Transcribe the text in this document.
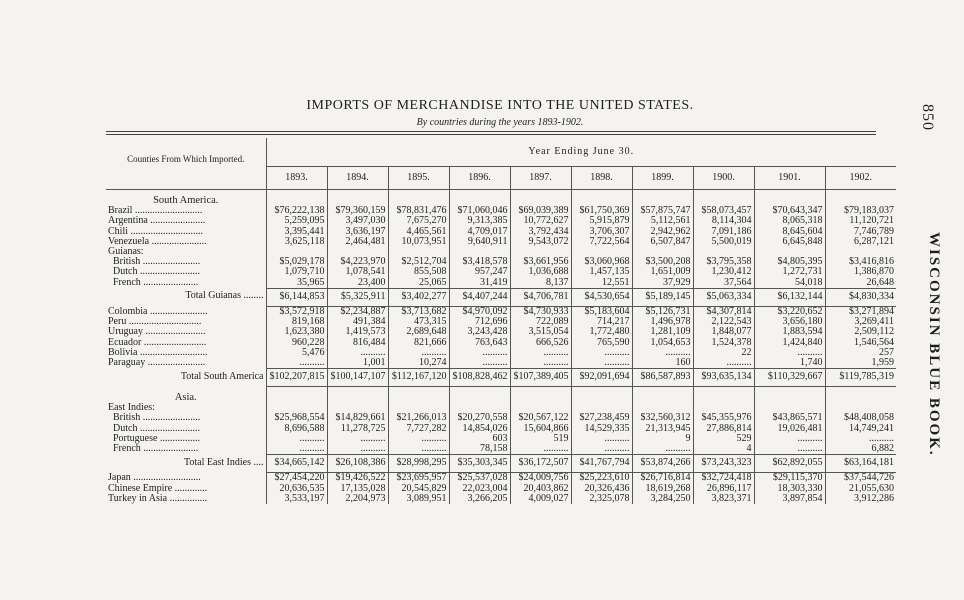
850
WISCONSIN BLUE BOOK.
IMPORTS OF MERCHANDISE INTO THE UNITED STATES.
By countries during the years 1893-1902.
Counties From Which Imported.	Year Ending June 30.									
	1893.	1894.	1895.	1896.	1897.	1898.	1899.	1900.	1901.	1902.
South America.										
Brazil ...........................	$76,222,138	$79,360,159	$78,831,476	$71,060,046	$69,039,389	$61,750,369	$57,875,747	$58,073,457	$70,643,347	$79,183,037
Argentina ......................	5,259,095	3,497,030	7,675,270	9,313,385	10,772,627	5,915,879	5,112,561	8,114,304	8,065,318	11,120,721
Chili .............................	3,395,441	3,636,197	4,465,561	4,709,017	3,792,434	3,706,307	2,942,962	7,091,186	8,645,604	7,746,789
Venezuela ......................	3,625,118	2,464,481	10,073,951	9,640,911	9,543,072	7,722,564	6,507,847	5,500,019	6,645,848	6,287,121
Guianas:										
British .......................	$5,029,178	$4,223,970	$2,512,704	$3,418,578	$3,661,956	$3,060,968	$3,500,208	$3,795,358	$4,805,395	$3,416,816
Dutch ........................	1,079,710	1,078,541	855,508	957,247	1,036,688	1,457,135	1,651,009	1,230,412	1,272,731	1,386,870
French ......................	35,965	23,400	25,065	31,419	8,137	12,551	37,929	37,564	54,018	26,648
Total Guianas ........	$6,144,853	$5,325,911	$3,402,277	$4,407,244	$4,706,781	$4,530,654	$5,189,145	$5,063,334	$6,132,144	$4,830,334
Colombia .......................	$3,572,918	$2,234,887	$3,713,682	$4,970,092	$4,730,933	$5,183,604	$5,126,731	$4,307,814	$3,220,652	$3,271,894
Peru .............................	819,168	491,384	473,315	712,696	722,089	714,217	1,496,978	2,122,543	3,656,180	3,269,411
Uruguay ........................	1,623,380	1,419,573	2,689,648	3,243,428	3,515,054	1,772,480	1,281,109	1,848,077	1,883,594	2,509,112
Ecuador .........................	960,228	816,484	821,666	763,643	666,526	765,590	1,054,653	1,524,378	1,424,840	1,546,564
Bolivia ...........................	5,476	..........	..........	..........	..........	..........	..........	22	..........	257
Paraguay .......................	..........	1,001	10,274	..........	..........	..........	160	..........	1,740	1,959
Total South America	$102,207,815	$100,147,107	$112,167,120	$108,828,462	$107,389,405	$92,091,694	$86,587,893	$93,635,134	$110,329,667	$119,785,319
Asia.										
East Indies:										
British .......................	$25,968,554	$14,829,661	$21,266,013	$20,270,558	$20,567,122	$27,238,459	$32,560,312	$45,355,976	$43,865,571	$48,408,058
Dutch ........................	8,696,588	11,278,725	7,727,282	14,854,026	15,604,866	14,529,335	21,313,945	27,886,814	19,026,481	14,749,241
Portuguese ................	..........	..........	..........	603	519	..........	9	529	..........	..........
French ......................	..........	..........	..........	78,158	..........	..........	..........	4	..........	6,882
Total East Indies ....	$34,665,142	$26,108,386	$28,998,295	$35,303,345	$36,172,507	$41,767,794	$53,874,266	$73,243,323	$62,892,055	$63,164,181
Japan ...........................	$27,454,220	$19,426,522	$23,695,957	$25,537,028	$24,009,756	$25,223,610	$26,716,814	$32,724,418	$29,115,370	$37,544,726
Chinese Empire .............	20,636,535	17,135,028	20,545,829	22,023,004	20,403,862	20,326,436	18,619,268	26,896,117	18,303,330	21,055,630
Turkey in Asia ...............	3,533,197	2,204,973	3,089,951	3,266,205	4,009,027	2,325,078	3,284,250	3,823,371	3,897,854	3,912,286
